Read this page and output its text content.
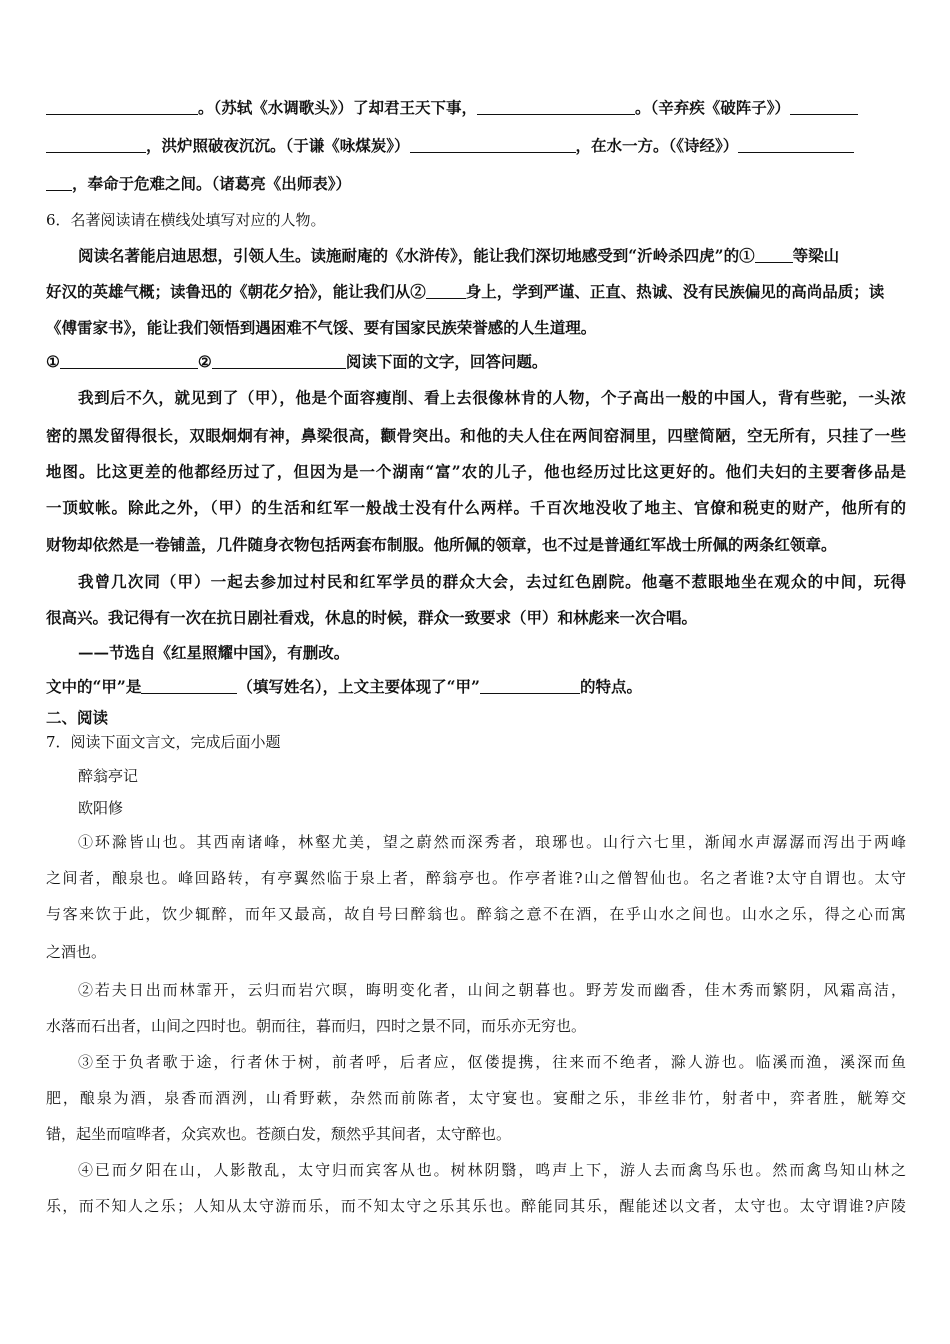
。（苏轼《水调歌头》）了却君王天下事，	。（辛弃疾《破阵子》）
，洪炉照破夜沉沉。（于谦《咏煤炭》）	，在水一方。（《诗经》）
，奉命于危难之间。（诸葛亮《出师表》）
6．名著阅读请在横线处填写对应的人物。
阅读名著能启迪思想，引领人生。读施耐庵的《水浒传》，能让我们深切地感受到“沂岭杀四虎”的① 等梁山
好汉的英雄气概；读鲁迅的《朝花夕拾》，能让我们从②	身上，学到严谨、正直、热诚、没有民族偏见的高尚品质；读
《傅雷家书》，能让我们领悟到遇困难不气馁、要有国家民族荣誉感的人生道理。
①	②	阅读下面的文字，回答问题。
我到后不久，就见到了（甲），他是个面容瘦削、看上去很像林肯的人物，个子高出一般的中国人，背有些驼，一头浓
密的黑发留得很长，双眼炯炯有神，鼻梁很高，颧骨突出。和他的夫人住在两间窑洞里，四壁简陋，空无所有，只挂了一些
地图。比这更差的他都经历过了，但因为是一个湖南“富”农的儿子，他也经历过比这更好的。他们夫妇的主要奢侈品是
一顶蚊帐。除此之外，（甲）的生活和红军一般战士没有什么两样。千百次地没收了地主、官僚和税吏的财产，他所有的
财物却依然是一卷铺盖，几件随身衣物包括两套布制服。他所佩的领章，也不过是普通红军战士所佩的两条红领章。
我曾几次同（甲）一起去参加过村民和红军学员的群众大会，去过红色剧院。他毫不惹眼地坐在观众的中间，玩得
很高兴。我记得有一次在抗日剧社看戏，休息的时候，群众一致要求（甲）和林彪来一次合唱。
——节选自《红星照耀中国》，有删改。
文中的“甲”是	（填写姓名），上文主要体现了“甲”	的特点。
二、阅读
7．阅读下面文言文，完成后面小题
醉翁亭记
欧阳修
①环滁皆山也。其西南诸峰，林壑尤美，望之蔚然而深秀者，琅琊也。山行六七里，渐闻水声潺潺而泻出于两峰
之间者，酿泉也。峰回路转，有亭翼然临于泉上者，醉翁亭也。作亭者谁?山之僧智仙也。名之者谁?太守自谓也。太守
与客来饮于此，饮少辄醉，而年又最高，故自号曰醉翁也。醉翁之意不在酒，在乎山水之间也。山水之乐，得之心而寓
之酒也。
②若夫日出而林霏开，云归而岩穴暝，晦明变化者，山间之朝暮也。野芳发而幽香，佳木秀而繁阴，风霜高洁，
水落而石出者，山间之四时也。朝而往，暮而归，四时之景不同，而乐亦无穷也。
③至于负者歌于途，行者休于树，前者呼，后者应，伛偻提携，往来而不绝者，滁人游也。临溪而渔，溪深而鱼
肥，酿泉为酒，泉香而酒洌，山肴野蔌，杂然而前陈者，太守宴也。宴酣之乐，非丝非竹，射者中，弈者胜，觥筹交
错，起坐而喧哗者，众宾欢也。苍颜白发，颓然乎其间者，太守醉也。
④已而夕阳在山，人影散乱，太守归而宾客从也。树林阴翳，鸣声上下，游人去而禽鸟乐也。然而禽鸟知山林之
乐，而不知人之乐；人知从太守游而乐，而不知太守之乐其乐也。醉能同其乐，醒能述以文者，太守也。太守谓谁?庐陵
